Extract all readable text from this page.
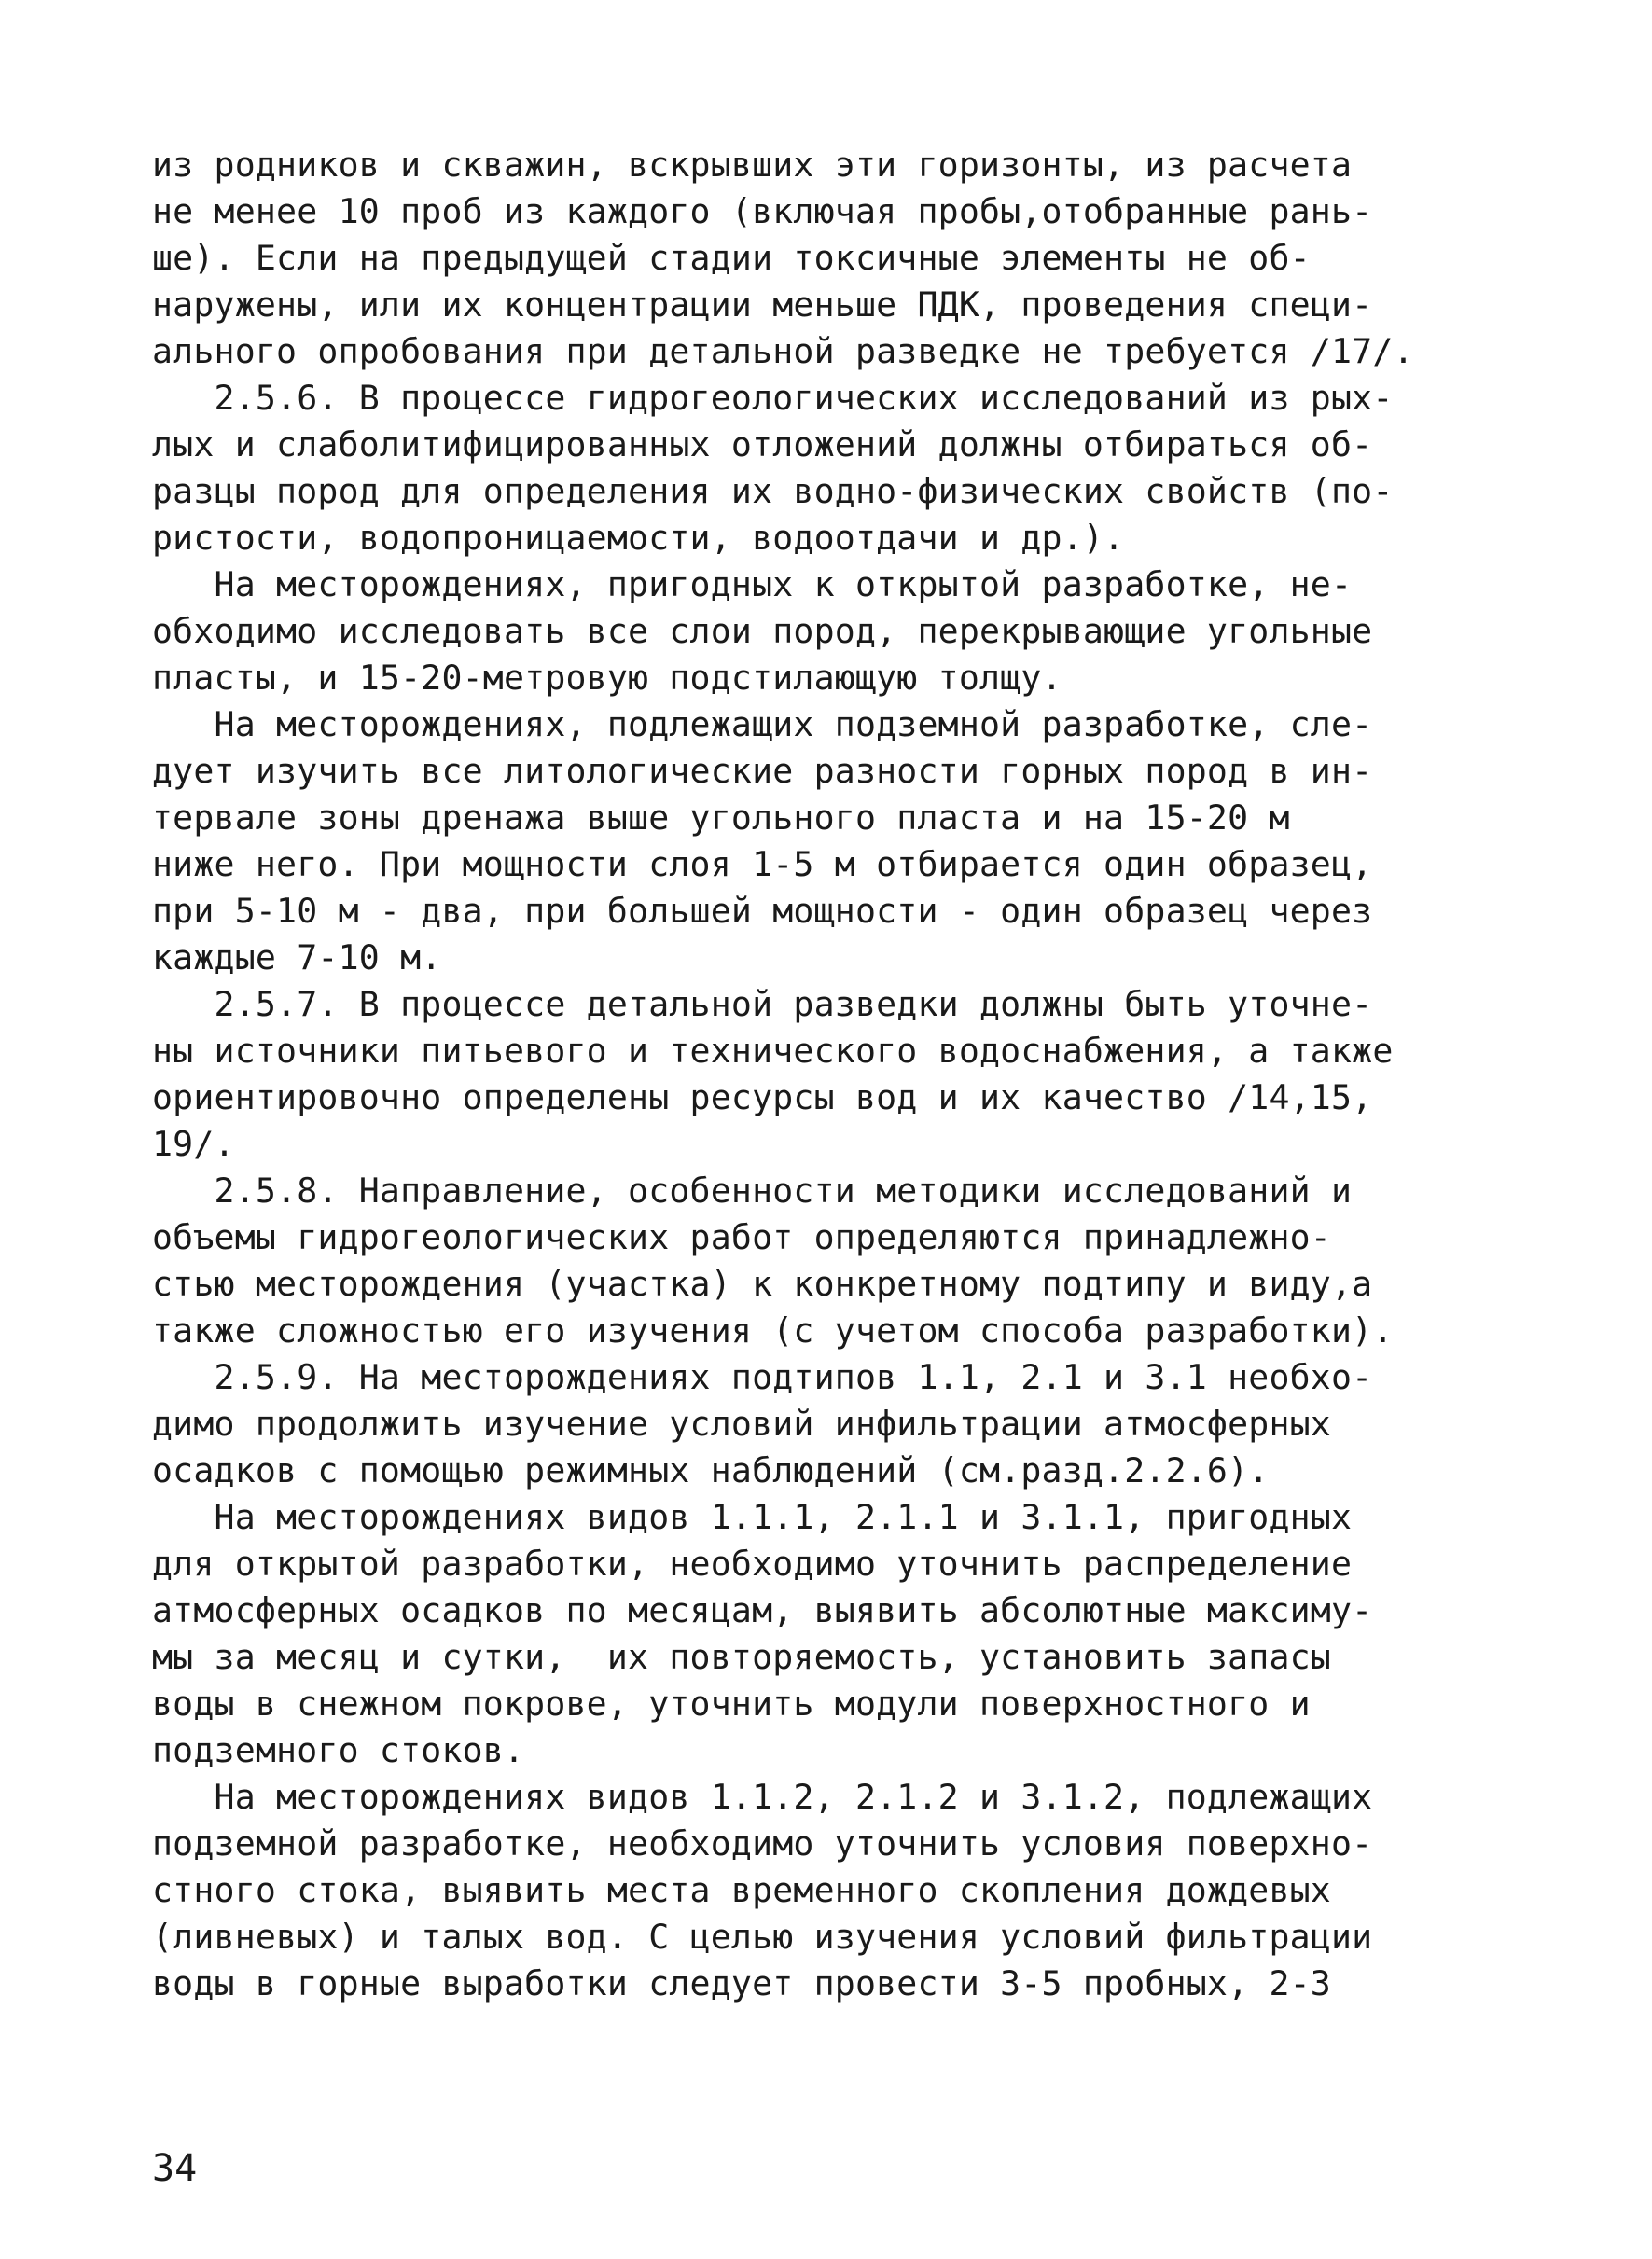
из родников и скважин, вскрывших эти горизонты, из расчета
не менее 10 проб из каждого (включая пробы,отобранные рань-
ше). Если на предыдущей стадии токсичные элементы не об-
наружены, или их концентрации меньше ПДК, проведения специ-
ального опробования при детальной разведке не требуется /17/.
2.5.6. В процессе гидрогеологических исследований из рых-
лых и слаболитифицированных отложений должны отбираться об-
разцы пород для определения их водно-физических свойств (по-
ристости, водопроницаемости, водоотдачи и др.).
На месторождениях, пригодных к открытой разработке, не-
обходимо исследовать все слои пород, перекрывающие угольные
пласты, и 15-20-метровую подстилающую толщу.
На месторождениях, подлежащих подземной разработке, сле-
дует изучить все литологические разности горных пород в ин-
тервале зоны дренажа выше угольного пласта и на 15-20 м
ниже него. При мощности слоя 1-5 м отбирается один образец,
при 5-10 м - два, при большей мощности - один образец через
каждые 7-10 м.
2.5.7. В процессе детальной разведки должны быть уточне-
ны источники питьевого и технического водоснабжения, а также
ориентировочно определены ресурсы вод и их качество /14,15,
19/.
2.5.8. Направление, особенности методики исследований и
объемы гидрогеологических работ определяются принадлежно-
стью месторождения (участка) к конкретному подтипу и виду,а
также сложностью его изучения (с учетом способа разработки).
2.5.9. На месторождениях подтипов 1.1, 2.1 и 3.1 необхо-
димо продолжить изучение условий инфильтрации атмосферных
осадков с помощью режимных наблюдений (см.разд.2.2.6).
На месторождениях видов 1.1.1, 2.1.1 и 3.1.1, пригодных
для открытой разработки, необходимо уточнить распределение
атмосферных осадков по месяцам, выявить абсолютные максиму-
мы за месяц и сутки,  их повторяемость, установить запасы
воды в снежном покрове, уточнить модули поверхностного и
подземного стоков.
На месторождениях видов 1.1.2, 2.1.2 и 3.1.2, подлежащих
подземной разработке, необходимо уточнить условия поверхно-
стного стока, выявить места временного скопления дождевых
(ливневых) и талых вод. С целью изучения условий фильтрации
воды в горные выработки следует провести 3-5 пробных, 2-3
34
